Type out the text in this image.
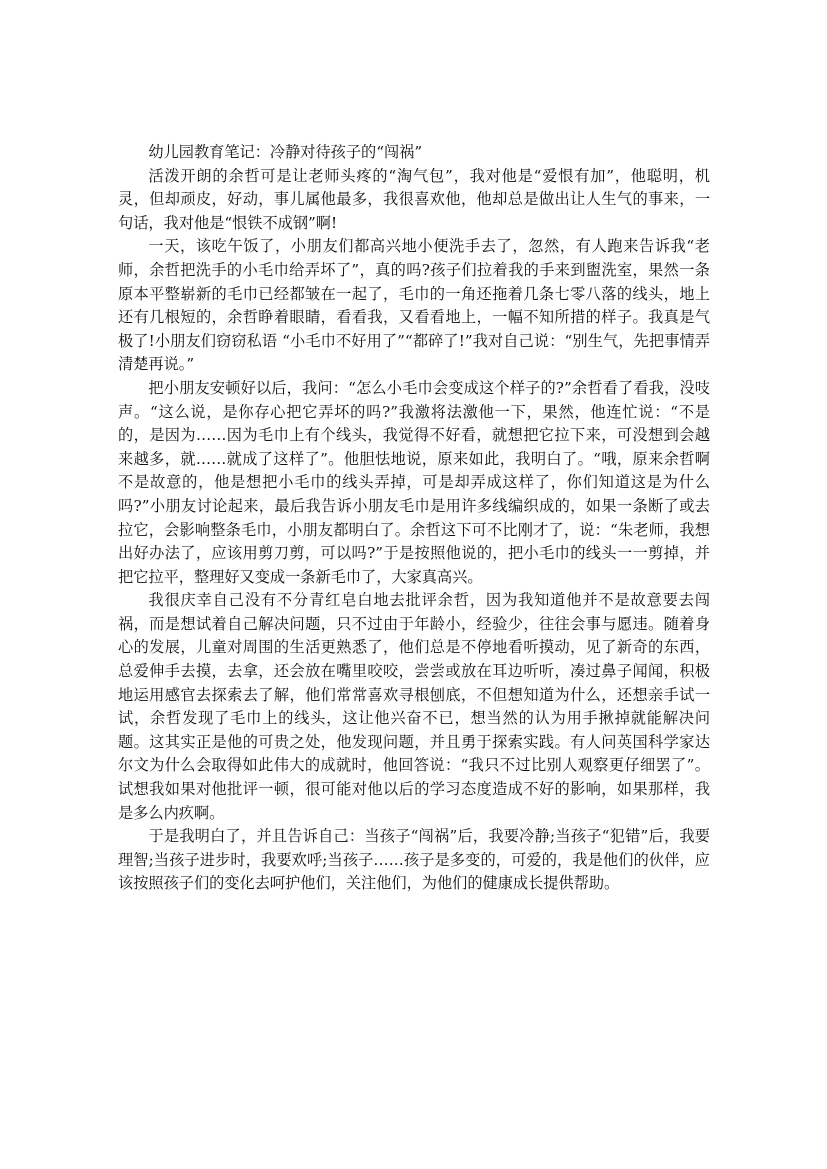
幼儿园教育笔记：冷静对待孩子的“闯祸”

活泼开朗的余哲可是让老师头疼的“淘气包”，我对他是“爱恨有加”，他聪明，机灵，但却顽皮，好动，事儿属他最多，我很喜欢他，他却总是做出让人生气的事来，一句话，我对他是“恨铁不成钢”啊!

一天，该吃午饭了，小朋友们都高兴地小便洗手去了，忽然，有人跑来告诉我“老师，余哲把洗手的小毛巾给弄坏了”，真的吗?孩子们拉着我的手来到盥洗室，果然一条原本平整崭新的毛巾已经都皱在一起了，毛巾的一角还拖着几条七零八落的线头，地上还有几根短的，余哲睁着眼睛，看看我，又看看地上，一幅不知所措的样子。我真是气极了!小朋友们窃窃私语 “小毛巾不好用了”“都碎了!”我对自己说：“别生气，先把事情弄清楚再说。”

把小朋友安顿好以后，我问：“怎么小毛巾会变成这个样子的?”余哲看了看我，没吱声。“这么说，是你存心把它弄坏的吗?”我激将法激他一下，果然，他连忙说：“不是的，是因为……因为毛巾上有个线头，我觉得不好看，就想把它拉下来，可没想到会越来越多，就……就成了这样了”。他胆怯地说，原来如此，我明白了。“哦，原来余哲啊不是故意的，他是想把小毛巾的线头弄掉，可是却弄成这样了，你们知道这是为什么吗?”小朋友讨论起来，最后我告诉小朋友毛巾是用许多线编织成的，如果一条断了或去拉它，会影响整条毛巾，小朋友都明白了。余哲这下可不比刚才了，说：“朱老师，我想出好办法了，应该用剪刀剪，可以吗?”于是按照他说的，把小毛巾的线头一一剪掉，并把它拉平，整理好又变成一条新毛巾了，大家真高兴。

我很庆幸自己没有不分青红皂白地去批评余哲，因为我知道他并不是故意要去闯祸，而是想试着自己解决问题，只不过由于年龄小，经验少，往往会事与愿违。随着身心的发展，儿童对周围的生活更熟悉了，他们总是不停地看听摸动，见了新奇的东西，总爱伸手去摸，去拿，还会放在嘴里咬咬，尝尝或放在耳边听听，凑过鼻子闻闻，积极地运用感官去探索去了解，他们常常喜欢寻根刨底，不但想知道为什么，还想亲手试一试，余哲发现了毛巾上的线头，这让他兴奋不已，想当然的认为用手揪掉就能解决问题。这其实正是他的可贵之处，他发现问题，并且勇于探索实践。有人问英国科学家达尔文为什么会取得如此伟大的成就时，他回答说：“我只不过比别人观察更仔细罢了”。试想我如果对他批评一顿，很可能对他以后的学习态度造成不好的影响，如果那样，我是多么内疚啊。

于是我明白了，并且告诉自己：当孩子“闯祸”后，我要冷静;当孩子“犯错”后，我要理智;当孩子进步时，我要欢呼;当孩子……孩子是多变的，可爱的，我是他们的伙伴，应该按照孩子们的变化去呵护他们，关注他们，为他们的健康成长提供帮助。
